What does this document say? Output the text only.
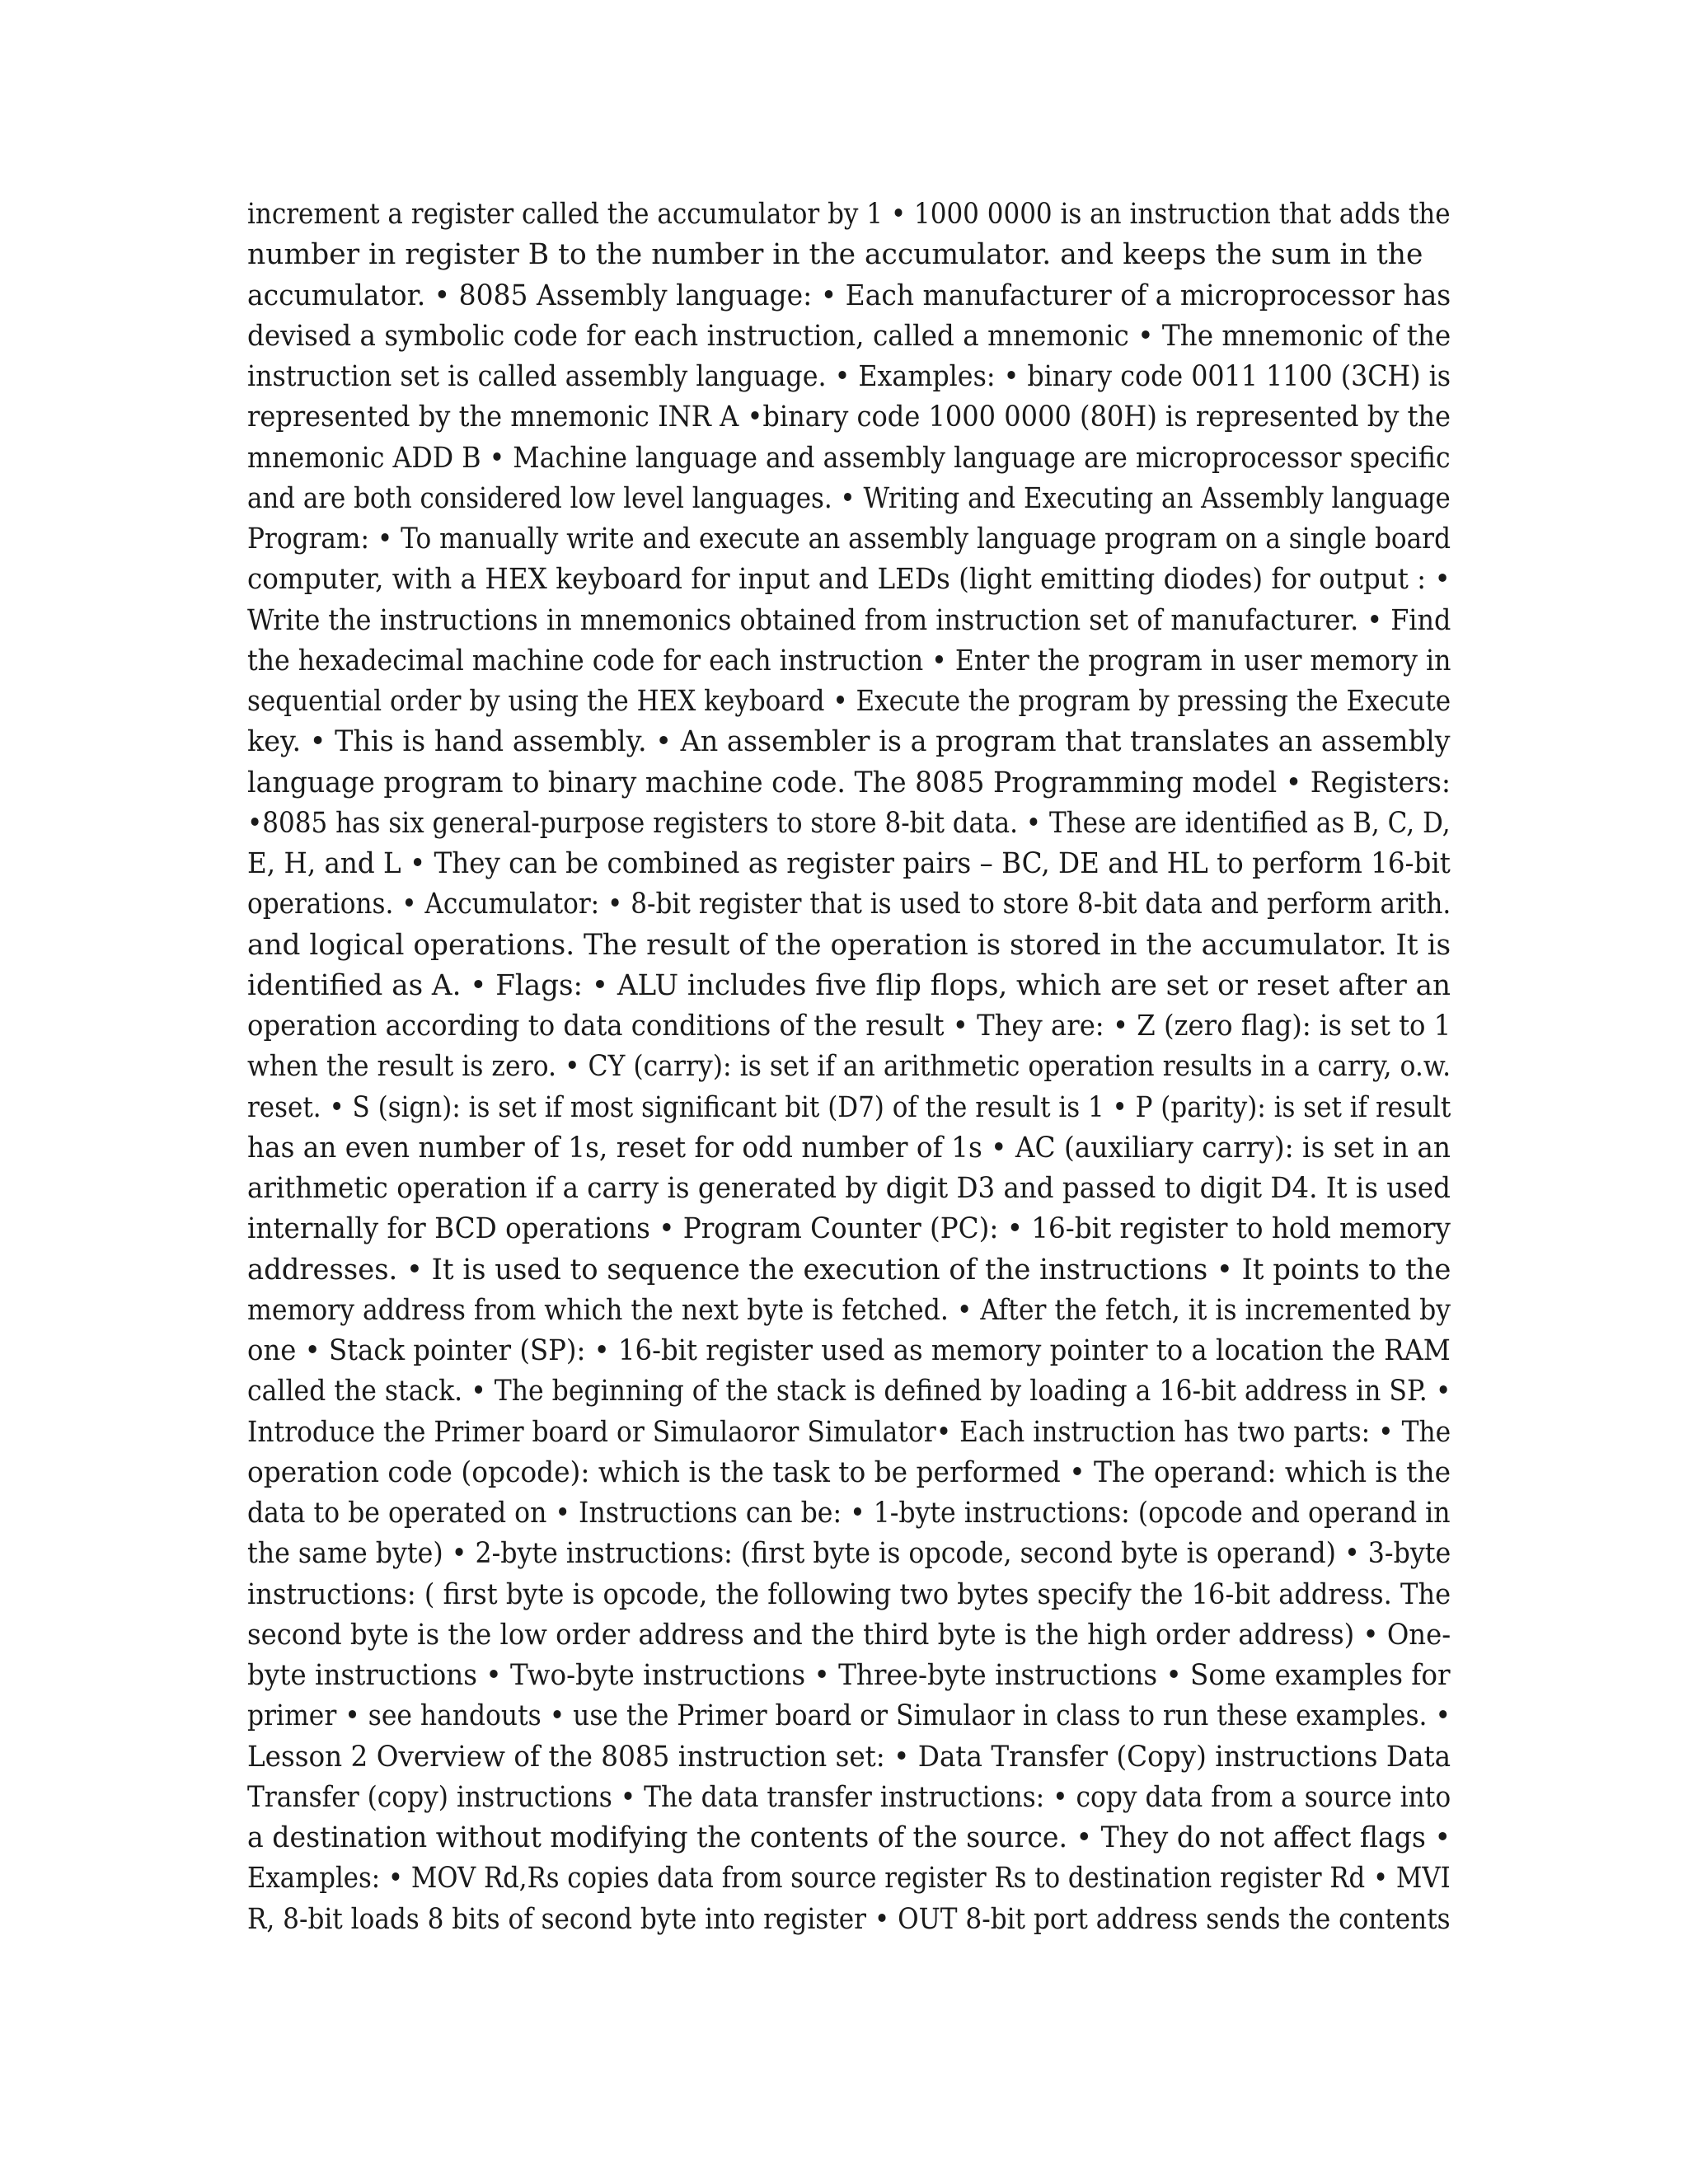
increment a register called the accumulator by 1 • 1000 0000 is an instruction that adds the
number in register B to the number in the accumulator. and keeps the sum in the
accumulator. • 8085 Assembly language: • Each manufacturer of a microprocessor has
devised a symbolic code for each instruction, called a mnemonic • The mnemonic of the
instruction set is called assembly language. • Examples: • binary code 0011 1100 (3CH) is
represented by the mnemonic INR A •binary code 1000 0000 (80H) is represented by the
mnemonic ADD B • Machine language and assembly language are microprocessor specific
and are both considered low level languages. • Writing and Executing an Assembly language
Program: • To manually write and execute an assembly language program on a single board
computer, with a HEX keyboard for input and LEDs (light emitting diodes) for output : •
Write the instructions in mnemonics obtained from instruction set of manufacturer. • Find
the hexadecimal machine code for each instruction • Enter the program in user memory in
sequential order by using the HEX keyboard • Execute the program by pressing the Execute
key. • This is hand assembly. • An assembler is a program that translates an assembly
language program to binary machine code. The 8085 Programming model • Registers:
•8085 has six general-purpose registers to store 8-bit data. • These are identified as B, C, D,
E, H, and L • They can be combined as register pairs – BC, DE and HL to perform 16-bit
operations. • Accumulator: • 8-bit register that is used to store 8-bit data and perform arith.
and logical operations. The result of the operation is stored in the accumulator. It is
identified as A. • Flags: • ALU includes five flip flops, which are set or reset after an
operation according to data conditions of the result • They are: • Z (zero flag): is set to 1
when the result is zero. • CY (carry): is set if an arithmetic operation results in a carry, o.w.
reset. • S (sign): is set if most significant bit (D7) of the result is 1 • P (parity): is set if result
has an even number of 1s, reset for odd number of 1s • AC (auxiliary carry): is set in an
arithmetic operation if a carry is generated by digit D3 and passed to digit D4. It is used
internally for BCD operations • Program Counter (PC): • 16-bit register to hold memory
addresses. • It is used to sequence the execution of the instructions • It points to the
memory address from which the next byte is fetched. • After the fetch, it is incremented by
one • Stack pointer (SP): • 16-bit register used as memory pointer to a location the RAM
called the stack. • The beginning of the stack is defined by loading a 16-bit address in SP. •
Introduce the Primer board or Simulaoror Simulator• Each instruction has two parts: • The
operation code (opcode): which is the task to be performed • The operand: which is the
data to be operated on • Instructions can be: • 1-byte instructions: (opcode and operand in
the same byte) • 2-byte instructions: (first byte is opcode, second byte is operand) • 3-byte
instructions: ( first byte is opcode, the following two bytes specify the 16-bit address. The
second byte is the low order address and the third byte is the high order address) • One-
byte instructions • Two-byte instructions • Three-byte instructions • Some examples for
primer • see handouts • use the Primer board or Simulaor in class to run these examples. •
Lesson 2 Overview of the 8085 instruction set: • Data Transfer (Copy) instructions Data
Transfer (copy) instructions • The data transfer instructions: • copy data from a source into
a destination without modifying the contents of the source. • They do not affect flags •
Examples: • MOV Rd,Rs copies data from source register Rs to destination register Rd • MVI
R, 8-bit loads 8 bits of second byte into register • OUT 8-bit port address sends the contents
